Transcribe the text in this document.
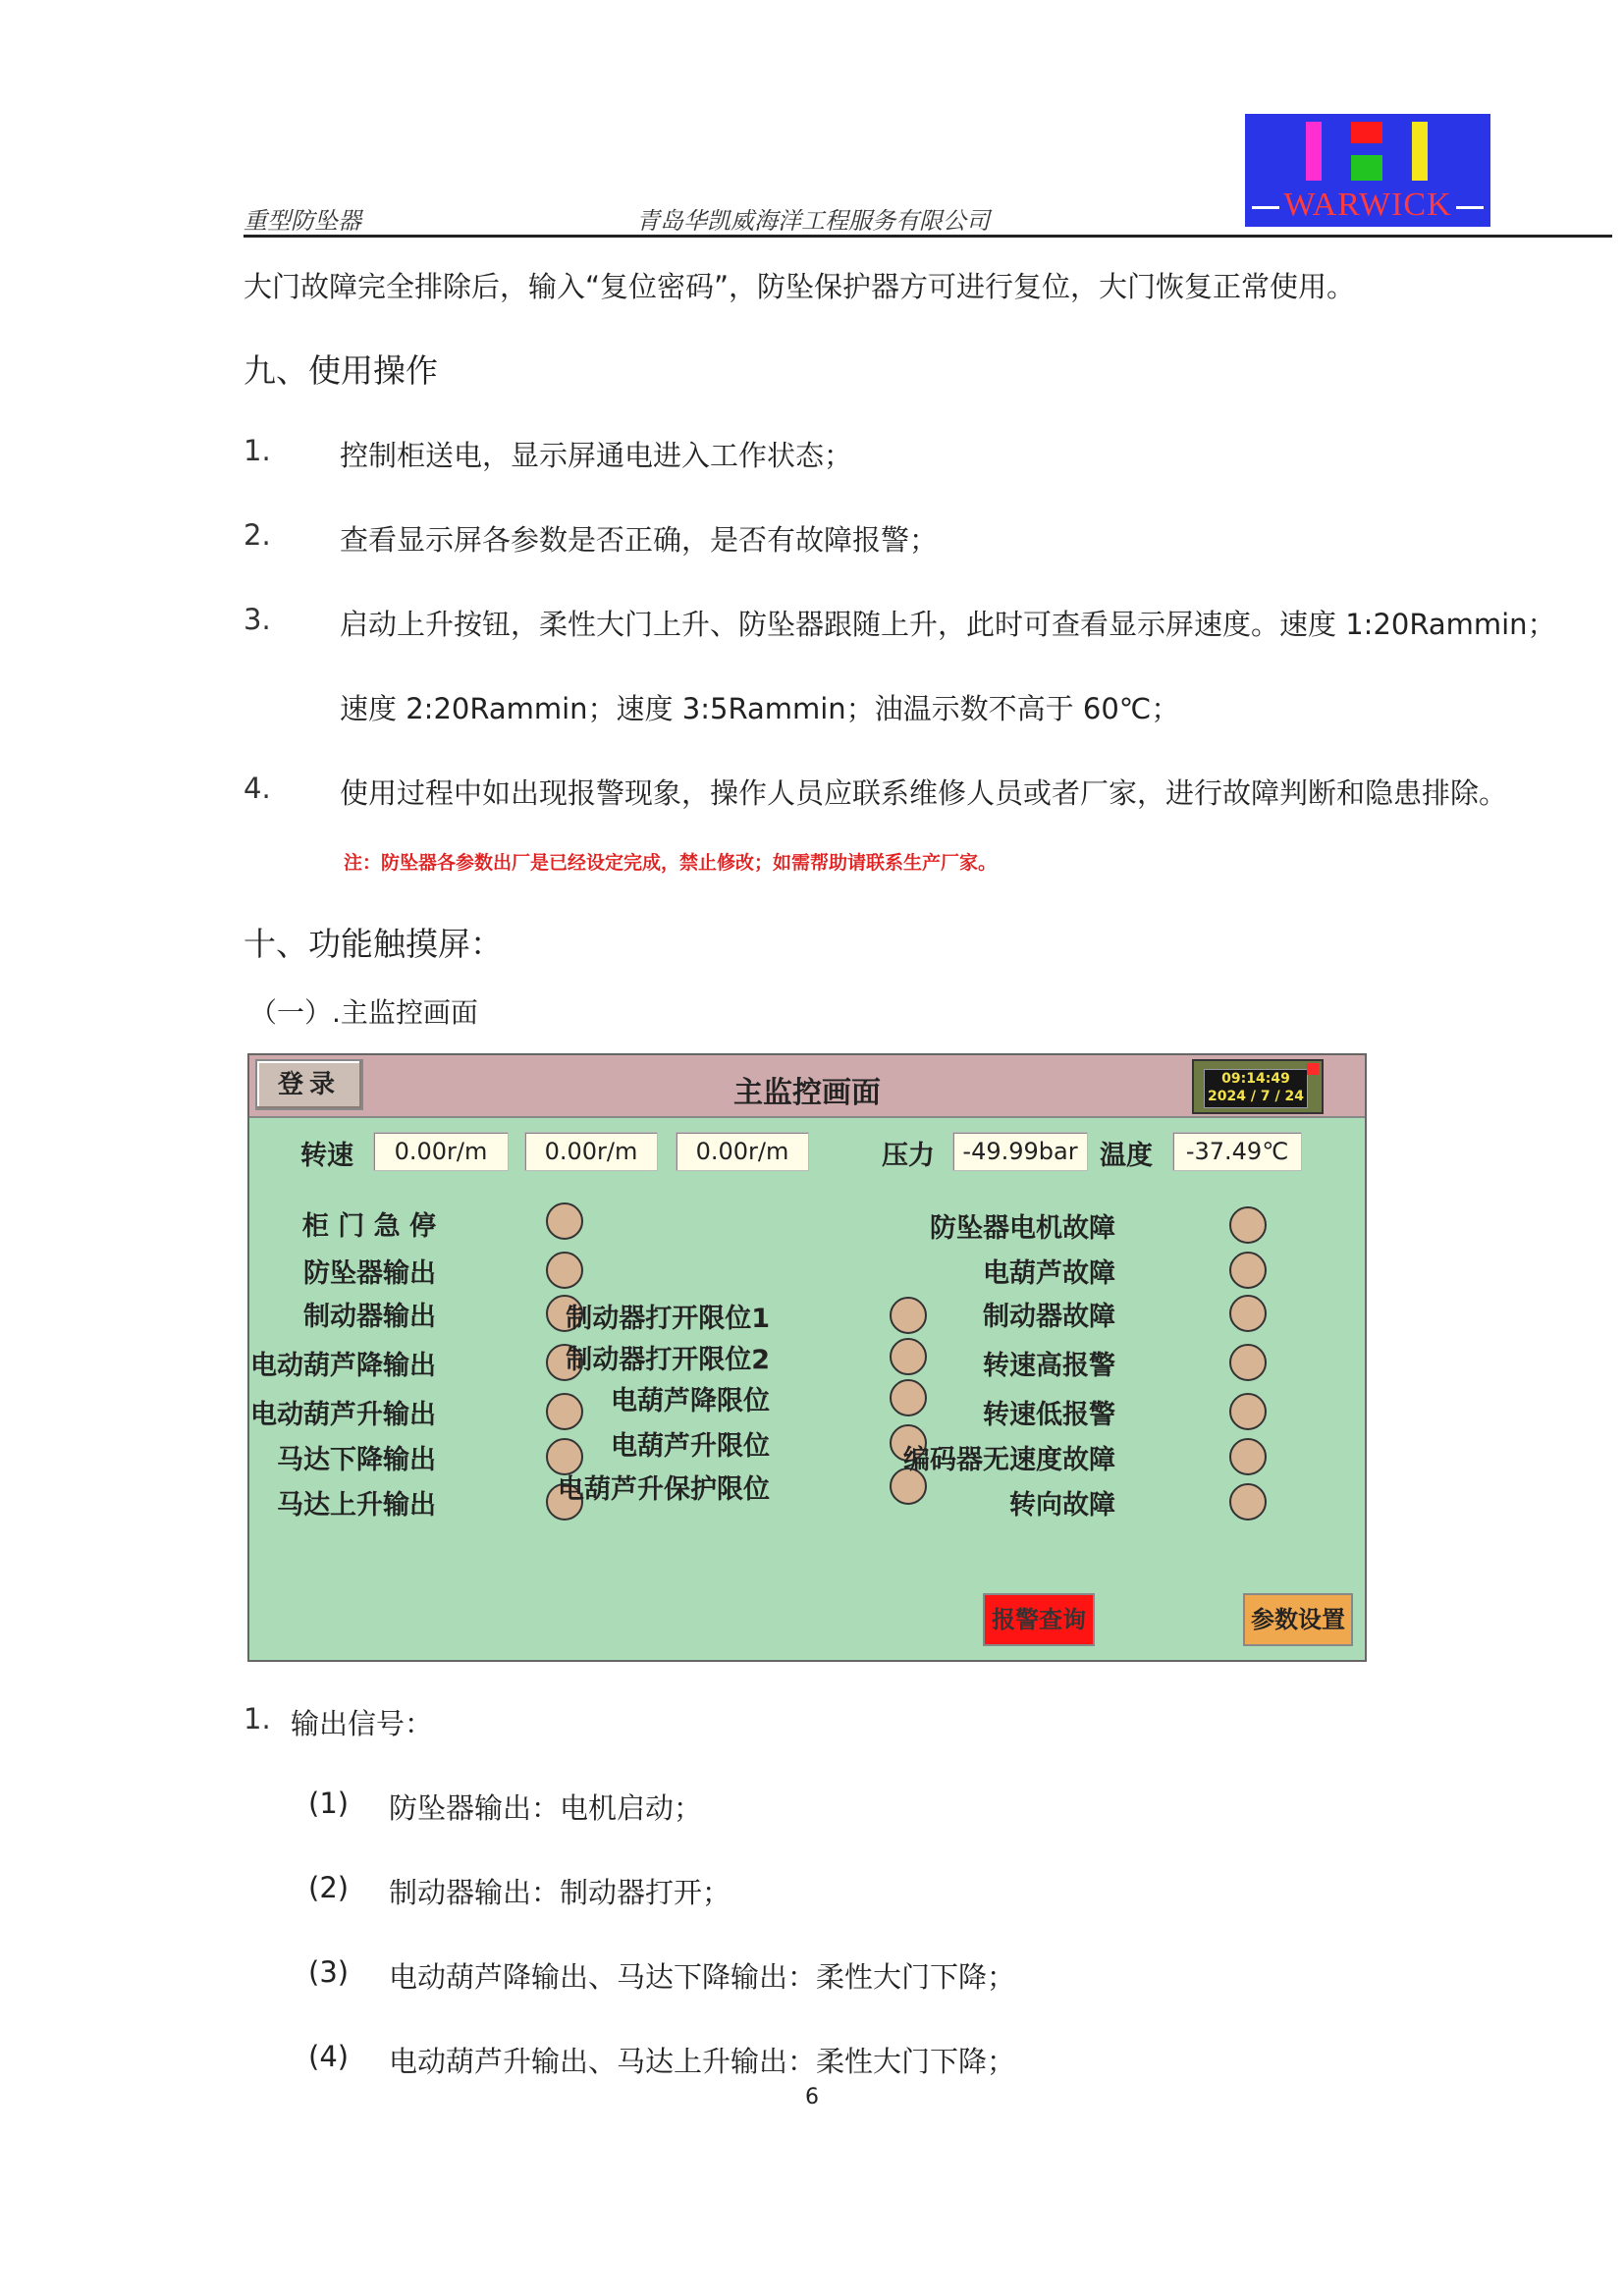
重型防坠器	青岛华凯威海洋工程服务有限公司	WARWICK
大门故障完全排除后，输入“复位密码”，防坠保护器方可进行复位，大门恢复正常使用。
九、使用操作
1. 控制柜送电，显示屏通电进入工作状态；
2. 查看显示屏各参数是否正确，是否有故障报警；
3. 启动上升按钮，柔性大门上升、防坠器跟随上升，此时可查看显示屏速度。速度 1:20Rammin；
速度 2:20Rammin；速度 3:5Rammin；油温示数不高于 60℃；
4. 使用过程中如出现报警现象，操作人员应联系维修人员或者厂家，进行故障判断和隐患排除。
注：防坠器各参数出厂是已经设定完成，禁止修改；如需帮助请联系生产厂家。
十、功能触摸屏：
（一）.主监控画面
登录	主监控画面	09:14:49
2024 / 7 / 24
转速	0.00r/m	0.00r/m	0.00r/m	压力	-49.99bar 温度	-37.49℃
柜 门 急 停
防坠器输出
制动器输出
电动葫芦降输出
电动葫芦升输出
马达下降输出
马达上升输出
制动器打开限位1
制动器打开限位2
电葫芦降限位
电葫芦升限位
电葫芦升保护限位
防坠器电机故障
电葫芦故障
制动器故障
转速高报警
转速低报警
编码器无速度故障
转向故障
报警查询	参数设置
1. 输出信号：
(1) 防坠器输出：电机启动；
(2) 制动器输出：制动器打开；
(3) 电动葫芦降输出、马达下降输出：柔性大门下降；
(4) 电动葫芦升输出、马达上升输出：柔性大门下降；
6
